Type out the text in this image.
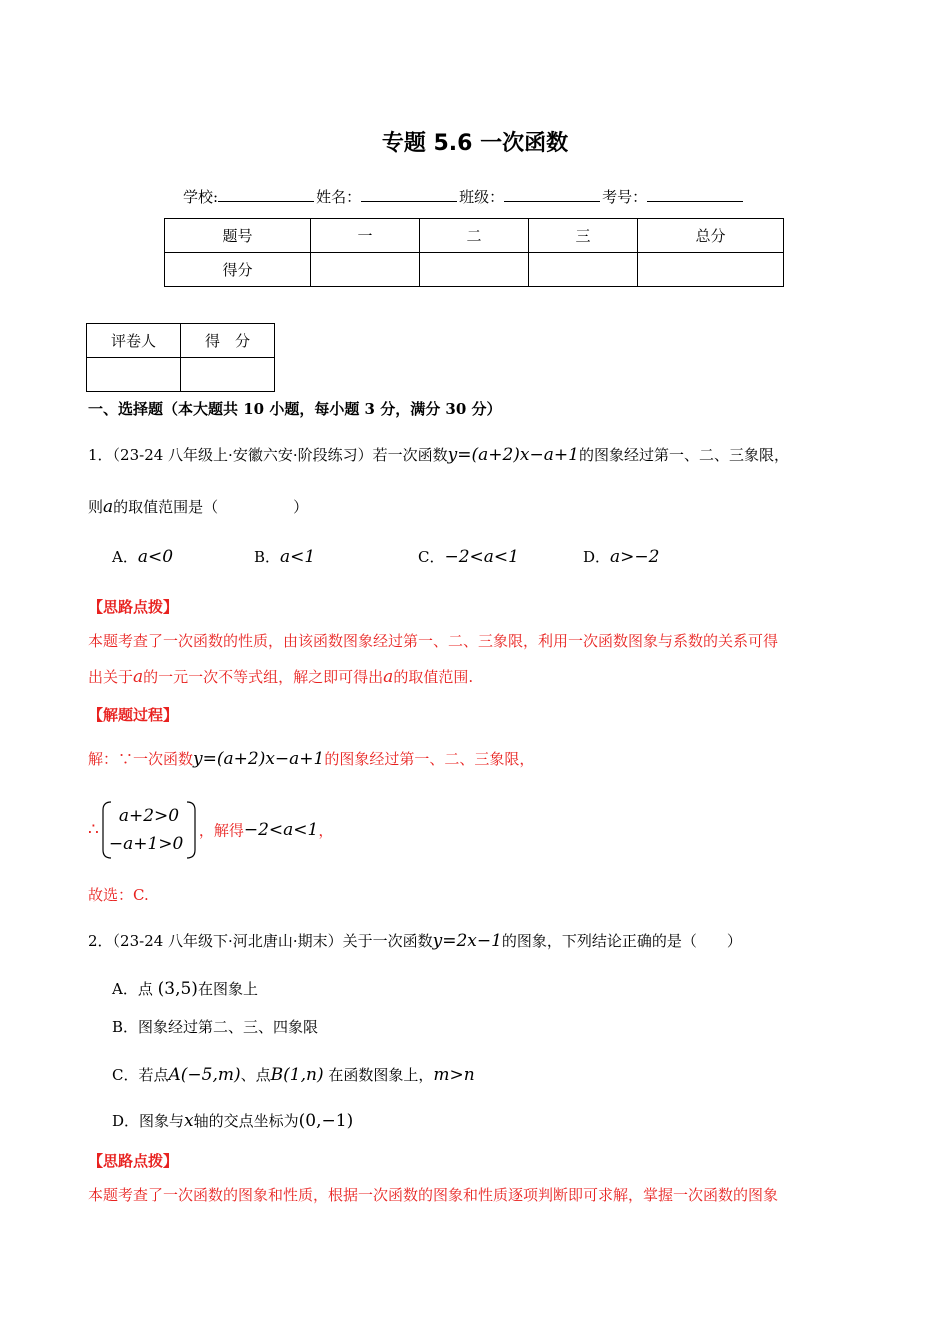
专题 5.6 一次函数
学校:	姓名：	班级：	考号：
题号	一	二	三	总分
得分				
评卷人	得　分

一、选择题（本大题共 10 小题，每小题 3 分，满分 30 分）
1．（23-24 八年级上·安徽六安·阶段练习）若一次函数y=(a+2)x−a+1的图象经过第一、二、三象限，
则a的取值范围是（　　　　　）
A．a<0	B．a<1	C．−2<a<1	D．a>−2
【思路点拨】
本题考查了一次函数的性质，由该函数图象经过第一、二、三象限，利用一次函数图象与系数的关系可得
出关于a的一元一次不等式组，解之即可得出a的取值范围.
【解题过程】
解：∵一次函数y=(a+2)x−a+1的图象经过第一、二、三象限，
∴
a+2>0
−a+1>0
，解得−2<a<1，
故选：C.
2．（23-24 八年级下·河北唐山·期末）关于一次函数y=2x−1的图象，下列结论正确的是（　　）
A．点 (3,5)在图象上
B．图象经过第二、三、四象限
C．若点A(−5,m)、点B(1,n) 在函数图象上，m>n
D．图象与x轴的交点坐标为(0,−1)
【思路点拨】
本题考查了一次函数的图象和性质，根据一次函数的图象和性质逐项判断即可求解，掌握一次函数的图象
